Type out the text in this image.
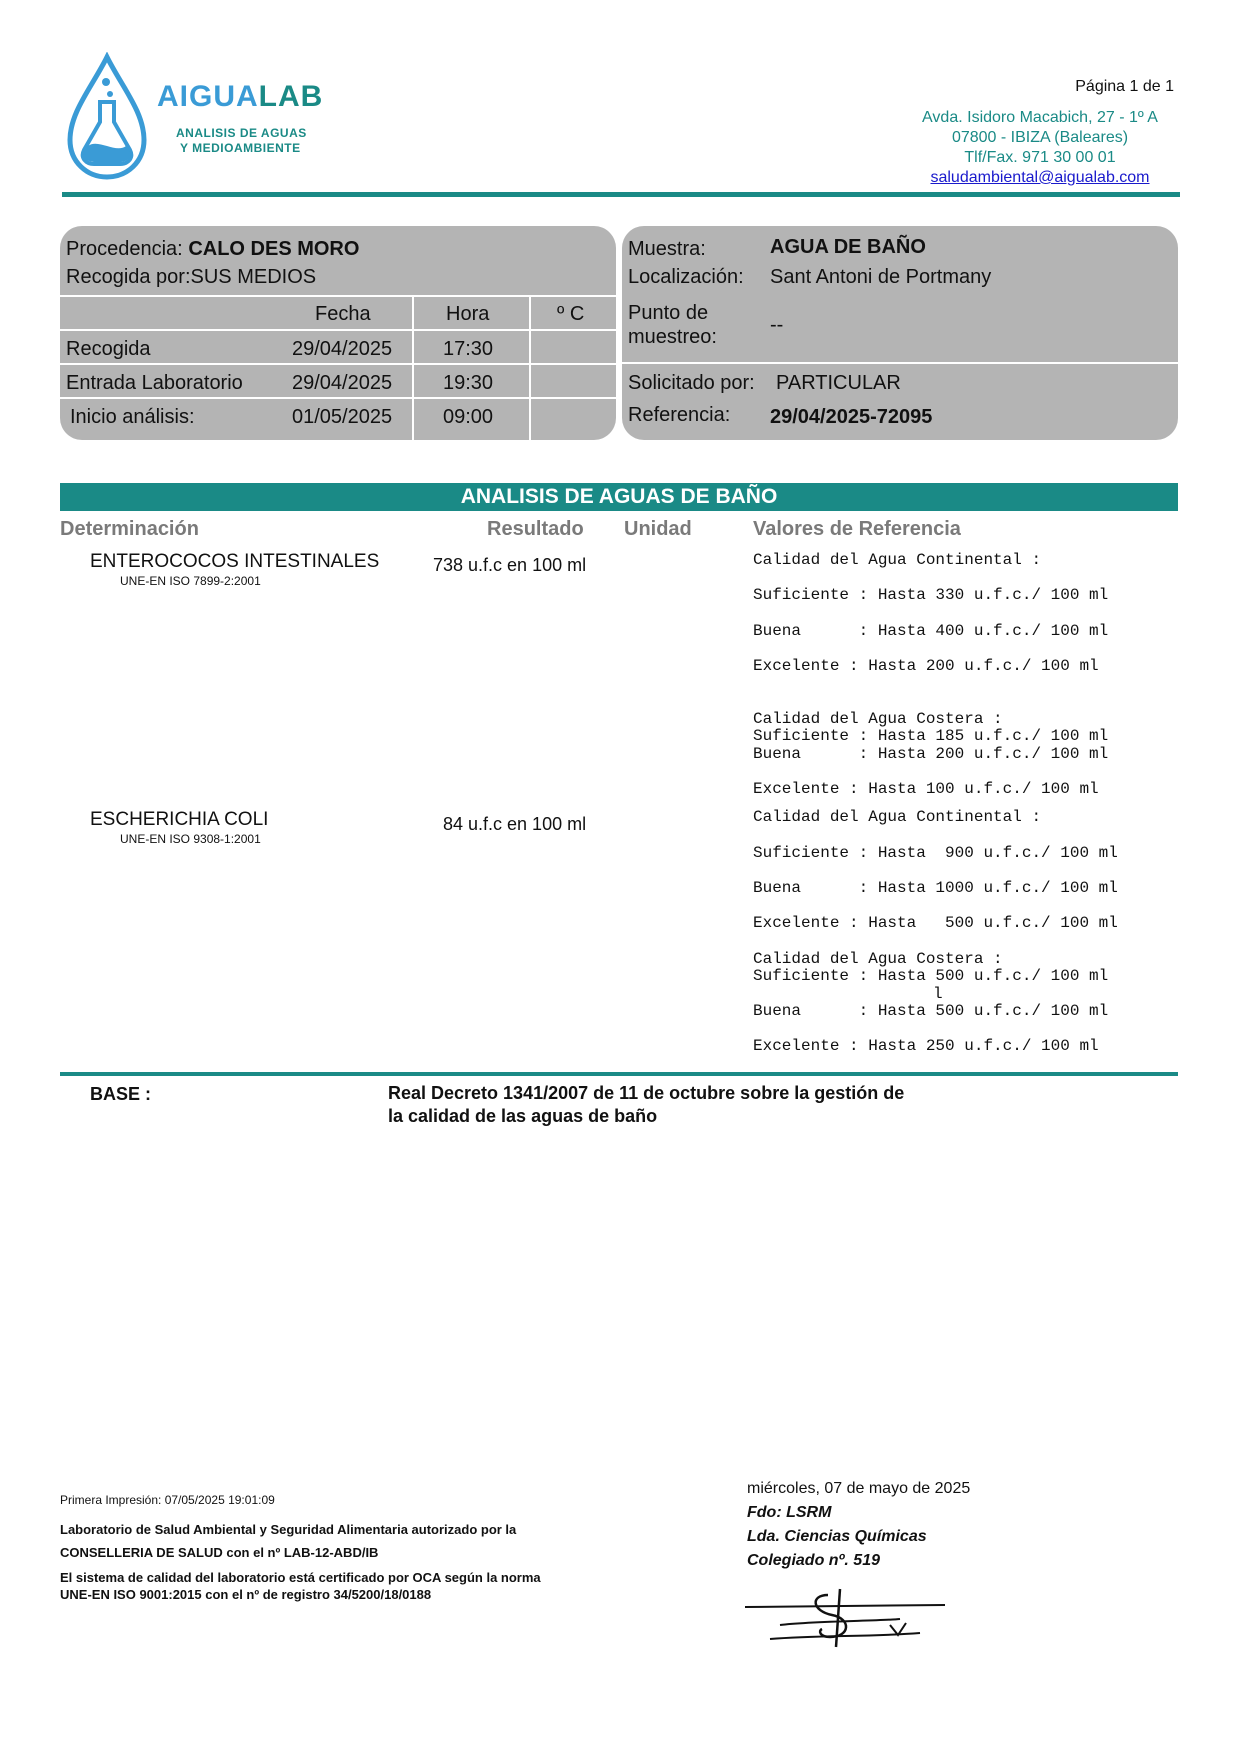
AIGUALAB
ANALISIS DE AGUAS
Y MEDIOAMBIENTE
Página 1 de 1
Avda. Isidoro Macabich, 27 - 1º A
07800 - IBIZA (Baleares)
Tlf/Fax. 971 30 00 01
saludambiental@aigualab.com
Procedencia: CALO DES MORO
Recogida por:SUS MEDIOS
Fecha	Hora	º C
Recogida	29/04/2025	17:30
Entrada Laboratorio 29/04/2025	19:30
Inicio análisis:	01/05/2025	09:00
Muestra:	AGUA DE BAÑO
Localización: Sant Antoni de Portmany
Punto de
muestreo:
--
Solicitado por: PARTICULAR
Referencia: 29/04/2025-72095
ANALISIS DE AGUAS DE BAÑO
Determinación	Resultado Unidad	Valores de Referencia
ENTEROCOCOS INTESTINALES
UNE-EN ISO 7899-2:2001
738 u.f.c en 100 ml	Calidad del Agua Continental :
Suficiente : Hasta 330 u.f.c./ 100 ml
Buena      : Hasta 400 u.f.c./ 100 ml
Excelente : Hasta 200 u.f.c./ 100 ml
Calidad del Agua Costera :
Suficiente : Hasta 185 u.f.c./ 100 ml
Buena      : Hasta 200 u.f.c./ 100 ml
Excelente : Hasta 100 u.f.c./ 100 ml
ESCHERICHIA COLI
UNE-EN ISO 9308-1:2001
84 u.f.c en 100 ml	Calidad del Agua Continental :
Suficiente : Hasta  900 u.f.c./ 100 ml
Buena      : Hasta 1000 u.f.c./ 100 ml
Excelente : Hasta   500 u.f.c./ 100 ml
Calidad del Agua Costera :
Suficiente : Hasta 500 u.f.c./ 100 ml
l
Buena      : Hasta 500 u.f.c./ 100 ml
Excelente : Hasta 250 u.f.c./ 100 ml
BASE :	Real Decreto 1341/2007 de 11 de octubre sobre la gestión de
la calidad de las aguas de baño
Primera Impresión: 07/05/2025 19:01:09
Laboratorio de Salud Ambiental y Seguridad Alimentaria autorizado por la
CONSELLERIA DE SALUD con el nº LAB-12-ABD/IB
El sistema de calidad del laboratorio está certificado por OCA según la norma
UNE-EN ISO 9001:2015 con el nº de registro 34/5200/18/0188
miércoles, 07 de mayo de 2025
Fdo: LSRM
Lda. Ciencias Químicas
Colegiado nº. 519
